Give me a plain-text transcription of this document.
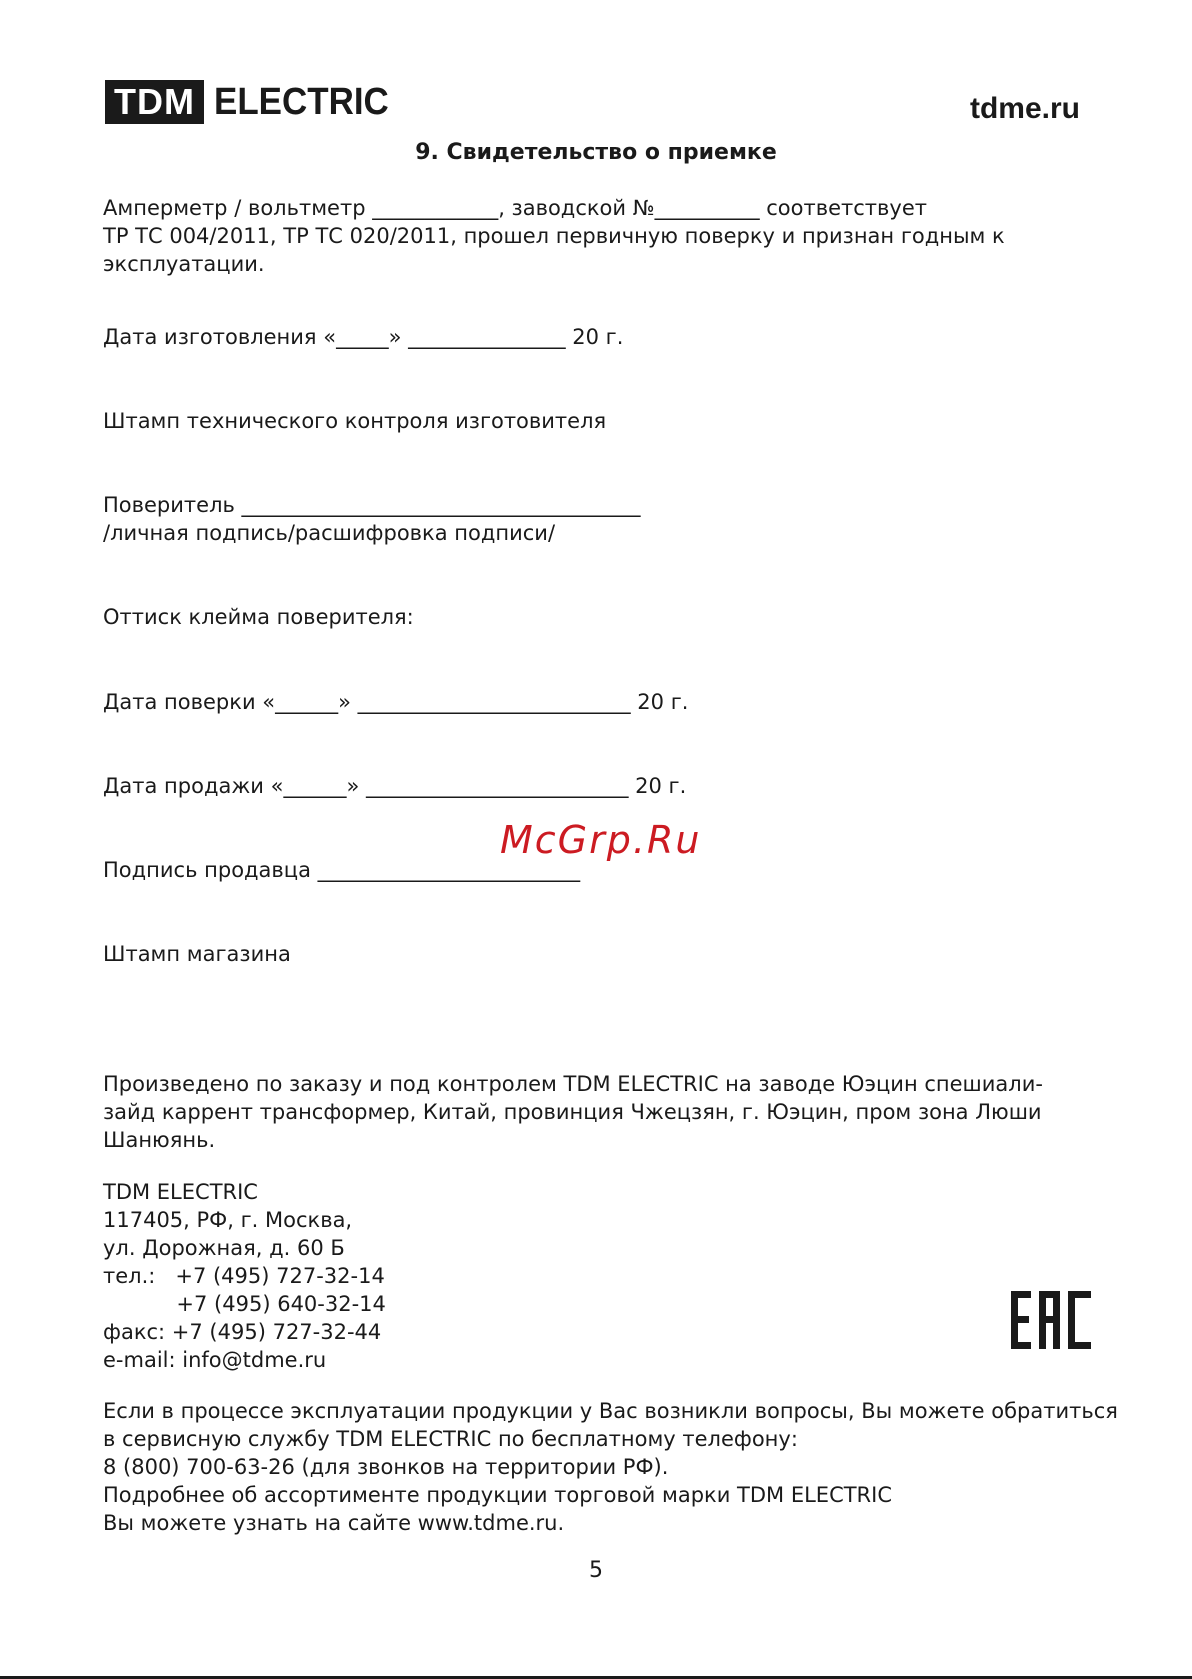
TDM ELECTRIC	tdme.ru
9. Свидетельство о приемке
Амперметр / вольтметр ____________, заводской №__________ соответствует
ТР ТС 004/2011, ТР ТС 020/2011, прошел первичную поверку и признан годным к
эксплуатации.
Дата изготовления «_____» _______________ 20 г.
Штамп технического контроля изготовителя
Поверитель ______________________________________
/личная подпись/расшифровка подписи/
Оттиск клейма поверителя:
Дата поверки «______» __________________________ 20 г.
Дата продажи «______» _________________________ 20 г.
McGrp.Ru
Подпись продавца _________________________
Штамп магазина

Произведено по заказу и под контролем TDM ELECTRIC на заводе Юэцин спешиали-зайд каррент трансформер, Китай, провинция Чжецзян, г. Юэцин, пром зона Люши Шанюянь.

TDM ELECTRIC
117405, РФ, г. Москва,
ул. Дорожная, д. 60 Б
тел.:   +7 (495) 727-32-14
+7 (495) 640-32-14
факс: +7 (495) 727-32-44
e-mail: info@tdme.ru
Если в процессе эксплуатации продукции у Вас возникли вопросы, Вы можете обратиться
в сервисную службу TDM ELECTRIC по бесплатному телефону:
8 (800) 700-63-26 (для звонков на территории РФ).
Подробнее об ассортименте продукции торговой марки TDM ELECTRIC
Вы можете узнать на сайте www.tdme.ru.
5
